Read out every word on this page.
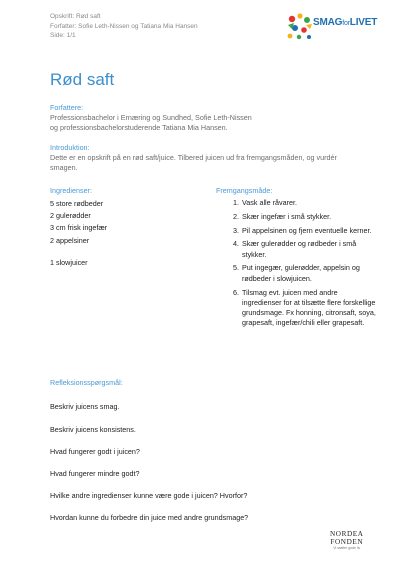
Opskrift: Rød saft
Forfatter: Sofie Leth-Nissen og Tatiana Mia Hansen
Side: 1/1
SMAGforLIVET
Rød saft
Forfattere:
Professionsbachelor i Ernæring og Sundhed, Sofie Leth-Nissen
og professionsbachelorstuderende Tatiana Mia Hansen.
Introduktion:
Dette er en opskrift på en rød saft/juice. Tilbered juicen ud fra fremgangsmåden, og vurdér
smagen.
Ingredienser:
5 store rødbeder
2 gulerødder
3 cm frisk ingefær
2 appelsiner
1 slowjuicer
Fremgangsmåde:
1. Vask alle råvarer.
2. Skær ingefær i små stykker.
3. Pil appelsinen og fjern eventuelle kerner.
4. Skær gulerødder og rødbeder i små stykker.
5. Put ingegær, gulerødder, appelsin og rødbeder i slowjuicen.
6. Tilsmag evt. juicen med andre ingredienser for at tilsætte flere forskellige grundsmage. Fx honning, citronsaft, soya, grapesaft, ingefær/chili eller grapesaft.
Refleksionsspørgsmål:

Beskriv juicens smag.

Beskriv juicens konsistens.

Hvad fungerer godt i juicen?

Hvad fungerer mindre godt?

Hvilke andre ingredienser kunne være gode i juicen? Hvorfor?

Hvordan kunne du forbedre din juice med andre grundsmage?

NORDEA
FONDEN
Vi støtter gode liv
